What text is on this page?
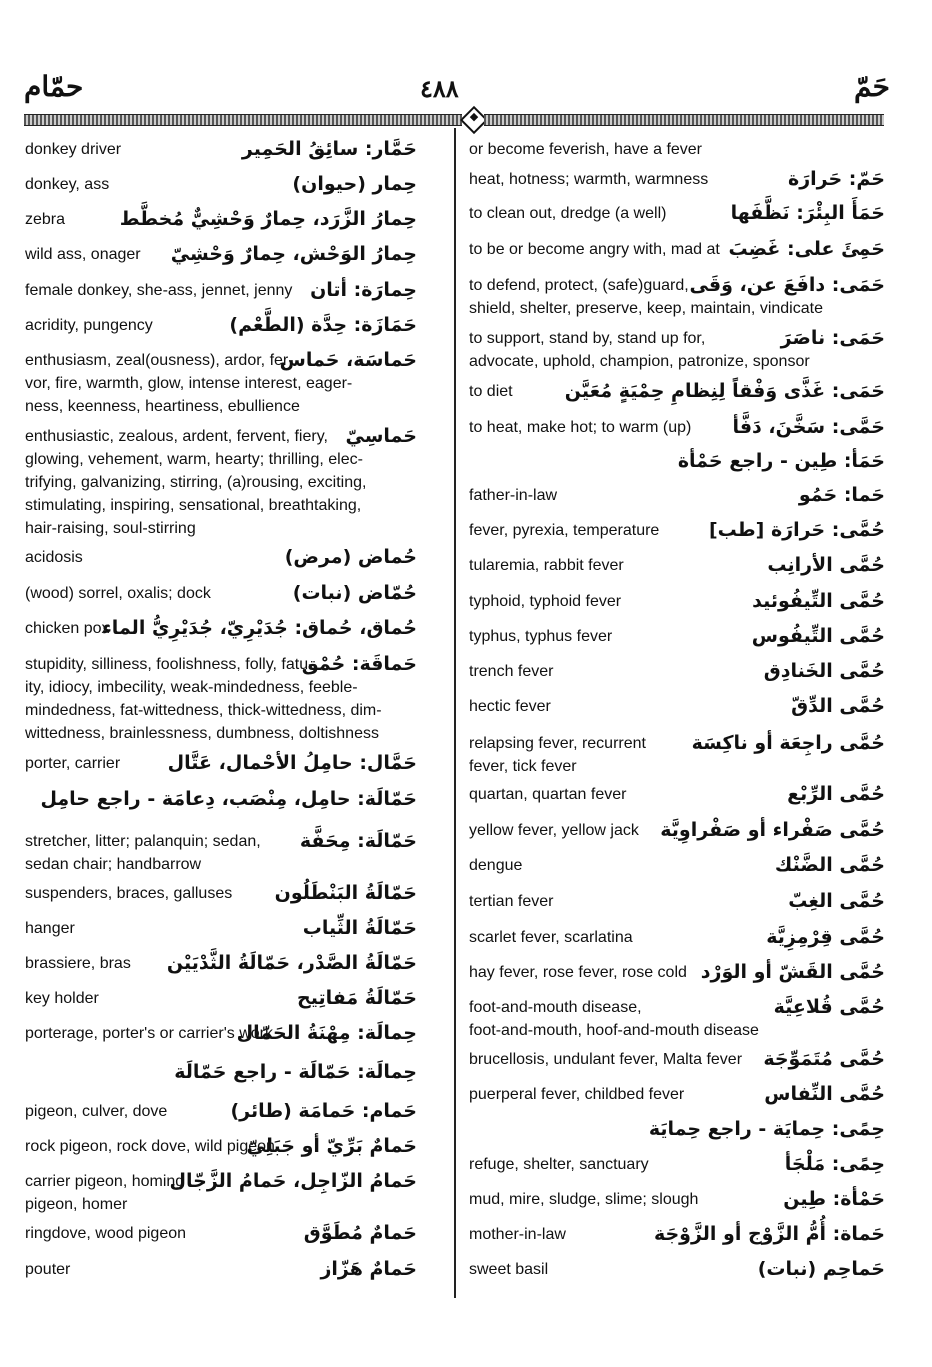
حمّام	٤٨٨	حَمّ
donkey driver	حَمَّار: سائِقُ الحَمِير
donkey, ass	حِمار (حيوان)
zebra	حِمارُ الزَّرَد، حِمارٌ وَحْشِيٌّ مُخطَّط
wild ass, onager	حِمارُ الوَحْش، حِمارٌ وَحْشِيّ
female donkey, she-ass, jennet, jenny حِمارَة: أتان
acridity, pungency	حَمَازَة: حِدَّة (الطَّعْم)
enthusiasm, zeal(ousness), ardor, fer-
vor, fire, warmth, glow, intense interest, eager-
ness, keenness, heartiness, ebullience
حَماسَة، حَماس
enthusiastic, zealous, ardent, fervent, fiery,
glowing, vehement, warm, hearty; thrilling, elec-
trifying, galvanizing, stirring, (a)rousing, exciting,
stimulating, inspiring, sensational, breathtaking,
hair-raising, soul-stirring
حَماسِيّ
acidosis	حُماض (مرض)
(wood) sorrel, oxalis; dock	حُمّاض (نبات)
chicken pox
حُماق، حُماق: جُدَيْرِيّ، جُدَيْرِيُّ الماء
stupidity, silliness, foolishness, folly, fatu-
ity, idiocy, imbecility, weak-mindedness, feeble-
mindedness, fat-wittedness, thick-wittedness, dim-
wittedness, brainlessness, dumbness, doltishness
حَماقَة: حُمْق
porter, carrier	حَمَّال: حامِلُ الأحْمال، عَتَّال
حَمّالَة: حامِل، مِنْصَب، دِعامَة - راجع حامِل
stretcher, litter; palanquin; sedan,
sedan chair; handbarrow
حَمّالَة: مِحَفَّة
suspenders, braces, galluses	حَمّالَةُ البَنْطَلُون
hanger	حَمّالَةُ الثِّياب
brassiere, bras	حَمّالَةُ الصَّدْر، حَمّالَةُ الثَّدْيَيْن
key holder	حَمّالَةُ مَفاتِيح
porterage, porter's or carrier's work
حِمالَة: مِهْنَةُ الحَمّال
حِمالَة: حَمّالَة - راجع حَمّالَة
pigeon, culver, dove	حَمام: حَمامَة (طائر)
rock pigeon, rock dove, wild pigeon
حَمامٌ بَرِّيّ أو جَبَلِيّ
carrier pigeon, homing
pigeon, homer
حَمامُ الزّاجِل، حَمامُ الزَّجّال
ringdove, wood pigeon	حَمامٌ مُطَوَّق
pouter	حَمامٌ هَزّاز
or become feverish, have a fever
heat, hotness; warmth, warmness	حَمّ: حَرارَة
to clean out, dredge (a well)	حَمَأَ البِئْرَ: نَظَّفَها
to be or become angry with, mad at حَمِئَ على: غَضِبَ
to defend, protect, (safe)guard,
shield, shelter, preserve, keep, maintain, vindicate
حَمَى: دافَعَ عن، وَقَى
to support, stand by, stand up for,
advocate, uphold, champion, patronize, sponsor
حَمَى: ناصَرَ
to diet	حَمَى: غَذَّى وَفْقاً لِنِظامِ حِمْيَةٍ مُعَيَّن
to heat, make hot; to warm (up)	حَمَّى: سَخَّنَ، دَفَّأ
حَمَأ: طِين - راجع حَمْأة
father-in-law	حَما: حَمُو
fever, pyrexia, temperature	حُمَّى: حَرارَة [طب]
tularemia, rabbit fever	حُمَّى الأرانِب
typhoid, typhoid fever	حُمَّى التِّيفُوئيد
typhus, typhus fever	حُمَّى التِّيفُوس
trench fever	حُمَّى الخَنادِق
hectic fever	حُمَّى الدِّقّ
relapsing fever, recurrent
fever, tick fever
حُمَّى راجِعَة أو ناكِسَة
quartan, quartan fever	حُمَّى الرِّبْع
yellow fever, yellow jack	حُمَّى صَفْراء أو صَفْراوِيَّة
dengue	حُمَّى الضَّنْك
tertian fever	حُمَّى الغِبّ
scarlet fever, scarlatina	حُمَّى قِرْمِزِيَّة
hay fever, rose fever, rose cold حُمَّى القَشّ أو الوَرْد
foot-and-mouth disease,
foot-and-mouth, hoof-and-mouth disease
حُمَّى قُلاعِيَّة
brucellosis, undulant fever, Malta fever	حُمَّى مُتَمَوِّجَة
puerperal fever, childbed fever	حُمَّى النِّفاس
حِمًى: حِمايَة - راجع حِمايَة
refuge, shelter, sanctuary	حِمًى: مَلْجَأ
mud, mire, sludge, slime; slough	حَمْأة: طِين
mother-in-law	حَماة: أُمُّ الزَّوْج أو الزَّوْجَة
sweet basil	حَماحِم (نبات)
